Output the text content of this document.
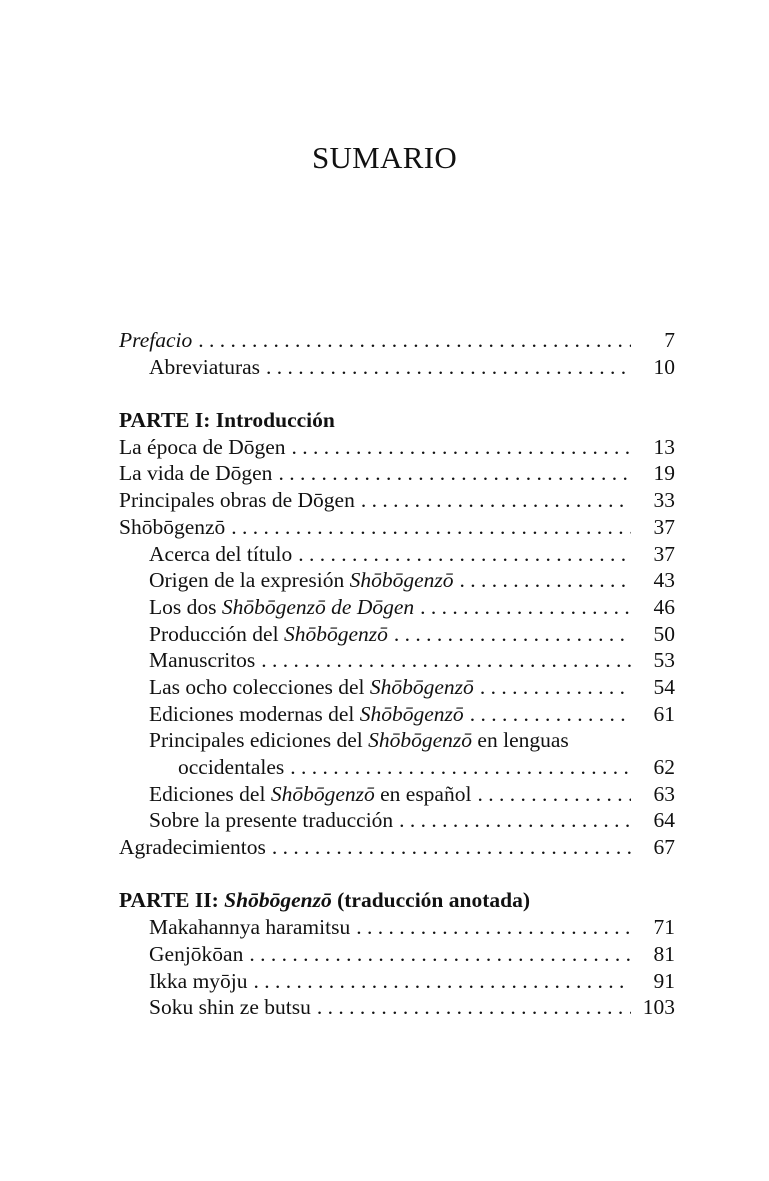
SUMARIO
Prefacio . . .	7
Abreviaturas . . .	10
PARTE I: Introducción
La época de Dōgen . . .	13
La vida de Dōgen . . .	19
Principales obras de Dōgen . . .	33
Shōbōgenzō . . .	37
Acerca del título . . .	37
Origen de la expresión Shōbōgenzō . . .	43
Los dos Shōbōgenzō de Dōgen . . .	46
Producción del Shōbōgenzō . . .	50
Manuscritos . . .	53
Las ocho colecciones del Shōbōgenzō . . .	54
Ediciones modernas del Shōbōgenzō . . .	61
Principales ediciones del Shōbōgenzō en lenguas
occidentales . . .	62
Ediciones del Shōbōgenzō en español . . .	63
Sobre la presente traducción . . .	64
Agradecimientos . . .	67
PARTE II: Shōbōgenzō (traducción anotada)
Makahannya haramitsu . . .	71
Genjōkōan . . .	81
Ikka myōju . . .	91
Soku shin ze butsu . . .	103
